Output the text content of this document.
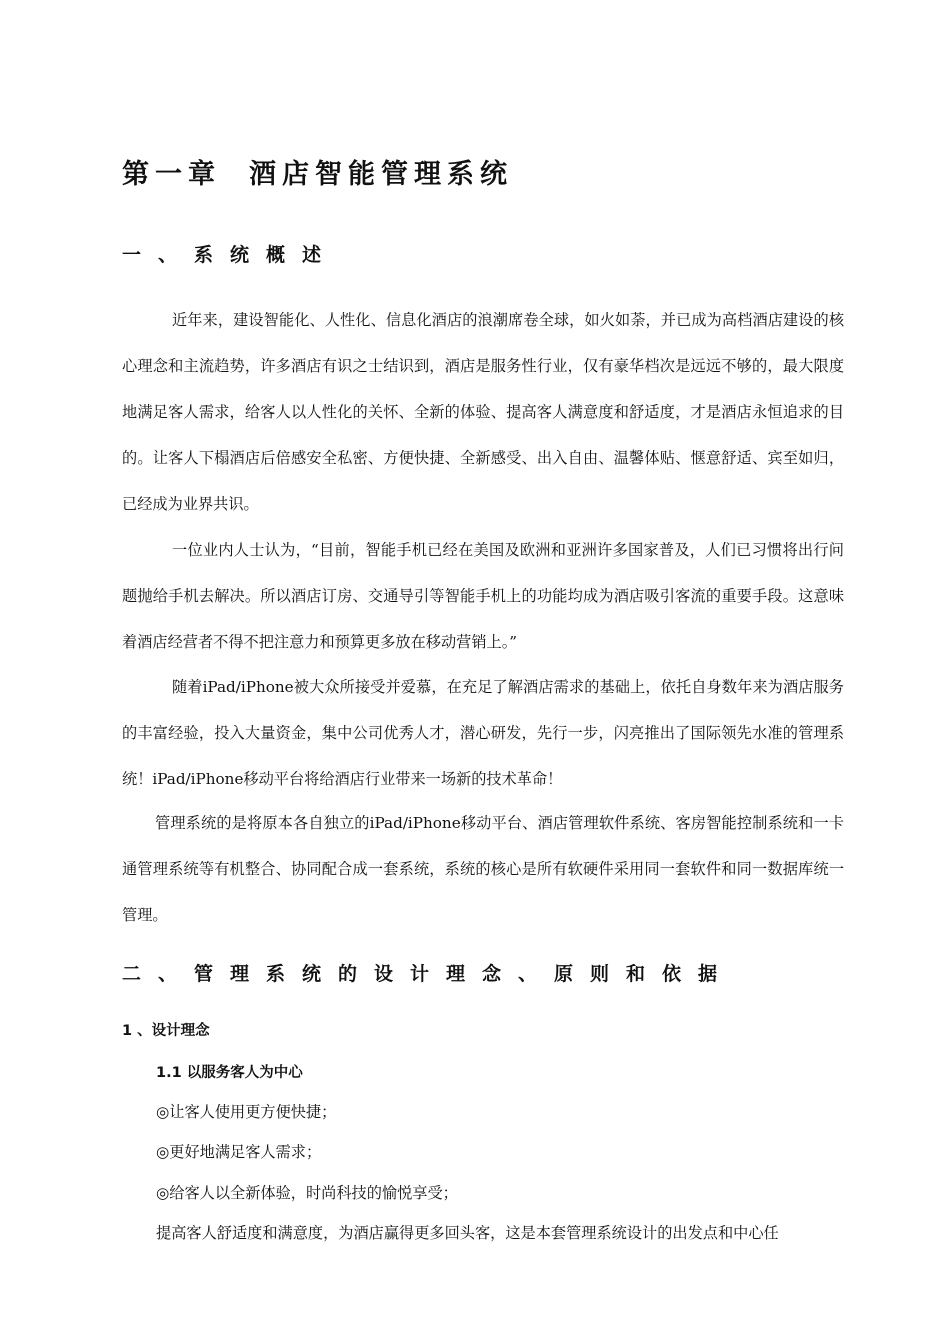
第一章 酒店智能管理系统
一、系统概述

近年来，建设智能化、人性化、信息化酒店的浪潮席卷全球，如火如荼，并已成为高档酒店建设的核心理念和主流趋势，许多酒店有识之士结识到，酒店是服务性行业，仅有豪华档次是远远不够的，最大限度地满足客人需求，给客人以人性化的关怀、全新的体验、提高客人满意度和舒适度，才是酒店永恒追求的目的。让客人下榻酒店后倍感安全私密、方便快捷、全新感受、出入自由、温馨体贴、惬意舒适、宾至如归，已经成为业界共识。

一位业内人士认为，“目前，智能手机已经在美国及欧洲和亚洲许多国家普及，人们已习惯将出行问题抛给手机去解决。所以酒店订房、交通导引等智能手机上的功能均成为酒店吸引客流的重要手段。这意味着酒店经营者不得不把注意力和预算更多放在移动营销上。”

随着iPad/iPhone被大众所接受并爱慕，在充足了解酒店需求的基础上，依托自身数年来为酒店服务的丰富经验，投入大量资金，集中公司优秀人才，潜心研发，先行一步，闪亮推出了国际领先水准的管理系统！iPad/iPhone移动平台将给酒店行业带来一场新的技术革命！

管理系统的是将原本各自独立的iPad/iPhone移动平台、酒店管理软件系统、客房智能控制系统和一卡通管理系统等有机整合、协同配合成一套系统，系统的核心是所有软硬件采用同一套软件和同一数据库统一管理。

二、管理系统的设计理念、原则和依据

1 、设计理念

1.1 以服务客人为中心

◎让客人使用更方便快捷；

◎更好地满足客人需求；

◎给客人以全新体验，时尚科技的愉悦享受；

提高客人舒适度和满意度，为酒店赢得更多回头客，这是本套管理系统设计的出发点和中心任
